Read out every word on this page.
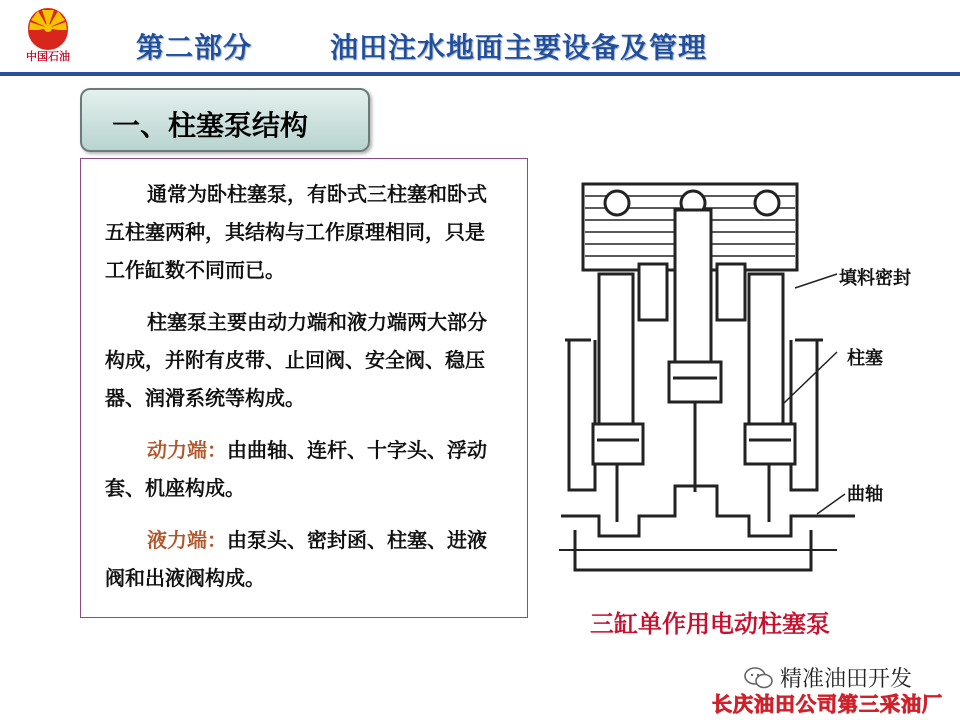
中国石油	第二部分	油田注水地面主要设备及管理
一、柱塞泵结构

通常为卧柱塞泵，有卧式三柱塞和卧式五柱塞两种，其结构与工作原理相同，只是工作缸数不同而已。

柱塞泵主要由动力端和液力端两大部分构成，并附有皮带、止回阀、安全阀、稳压器、润滑系统等构成。

动力端：由曲轴、连杆、十字头、浮动套、机座构成。

液力端：由泵头、密封函、柱塞、进液阀和出液阀构成。

填料密封
柱塞
曲轴
三缸单作用电动柱塞泵
精准油田开发
长庆油田公司第三采油厂
